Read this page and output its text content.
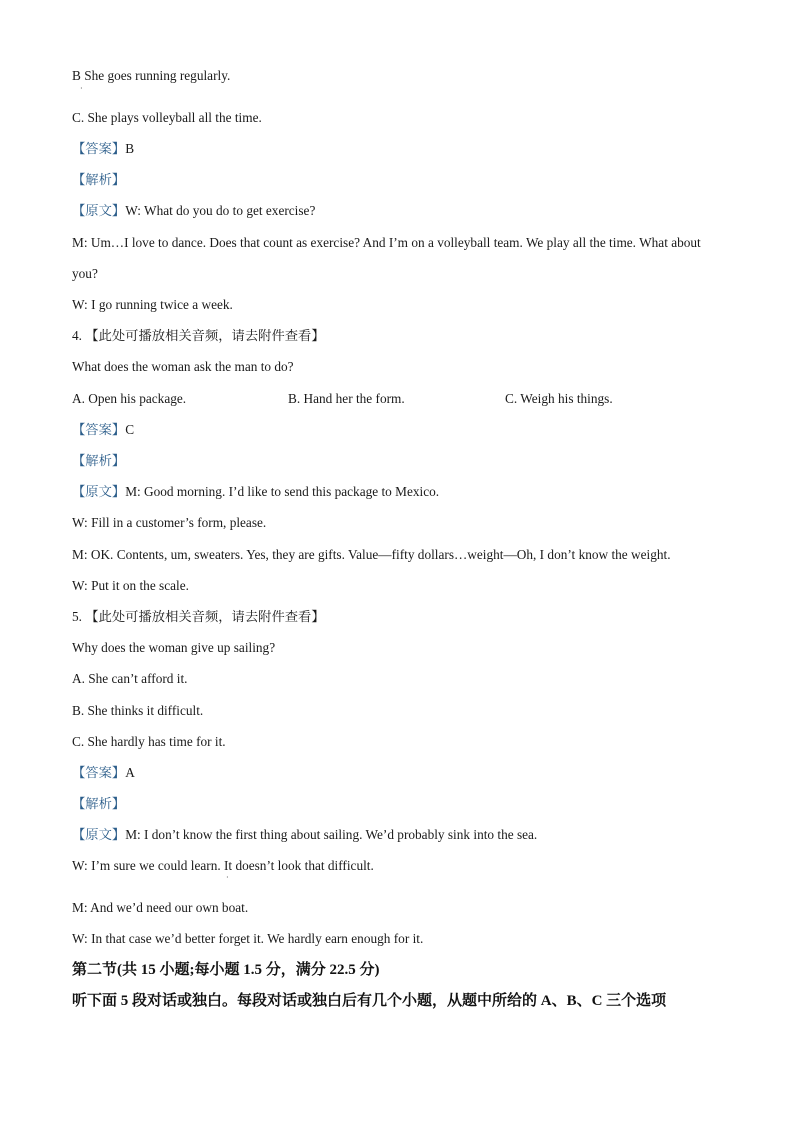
B She goes running regularly.
·
C. She plays volleyball all the time.
【答案】B
【解析】
【原文】W: What do you do to get exercise?
M: Um…I love to dance. Does that count as exercise? And I’m on a volleyball team. We play all the time. What about
you?
W: I go running twice a week.
4. 【此处可播放相关音频，请去附件查看】
What does the woman ask the man to do?
A. Open his package.	B. Hand her the form.	C. Weigh his things.
【答案】C
【解析】
【原文】M: Good morning. I’d like to send this package to Mexico.
W: Fill in a customer’s form, please.
M: OK. Contents, um, sweaters. Yes, they are gifts. Value—fifty dollars…weight—Oh, I don’t know the weight.
W: Put it on the scale.
5. 【此处可播放相关音频，请去附件查看】
Why does the woman give up sailing?
A. She can’t afford it.
B. She thinks it difficult.
C. She hardly has time for it.
【答案】A
【解析】
【原文】M: I don’t know the first thing about sailing. We’d probably sink into the sea.
W: I’m sure we could learn. It doesn’t look that difficult.
·
M: And we’d need our own boat.
W: In that case we’d better forget it. We hardly earn enough for it.
第二节(共 15 小题;每小题 1.5 分，满分 22.5 分)
听下面 5 段对话或独白。每段对话或独白后有几个小题，从题中所给的 A、B、C 三个选项
